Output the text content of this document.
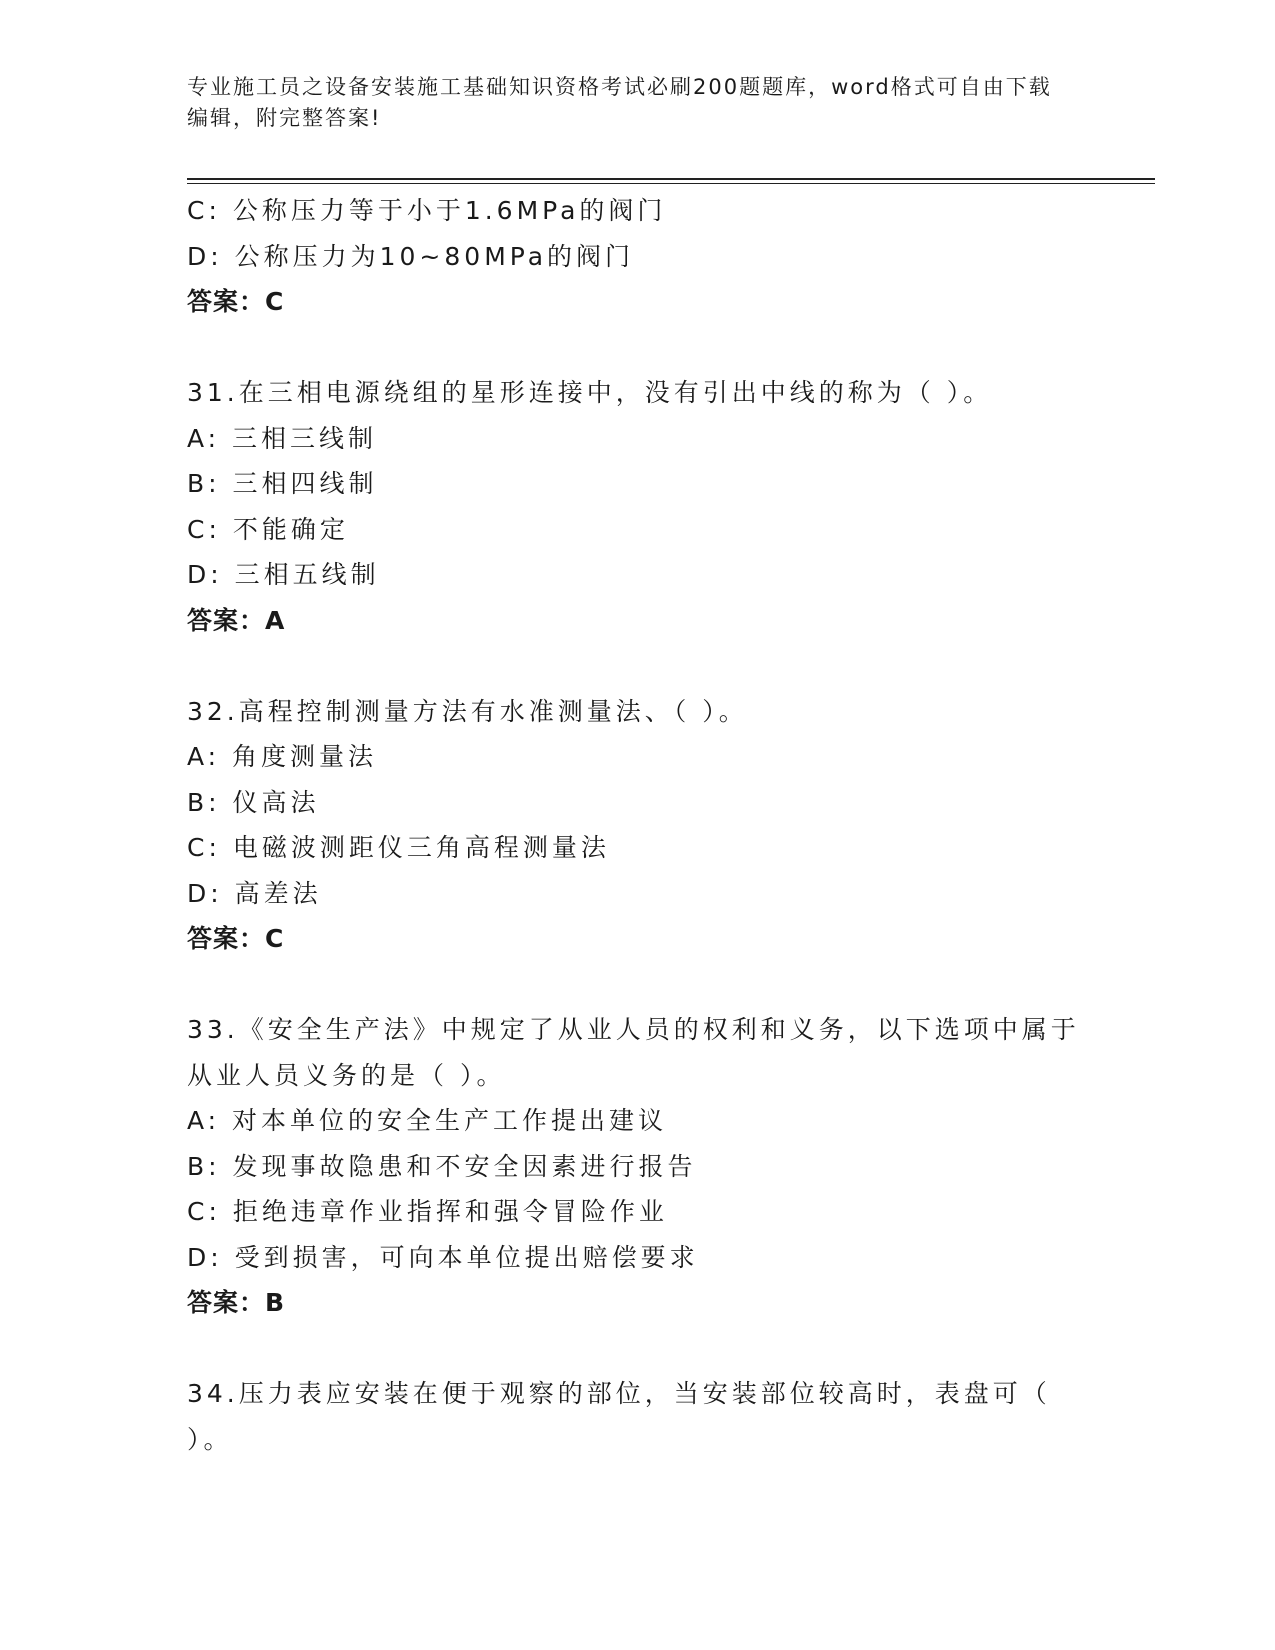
专业施工员之设备安装施工基础知识资格考试必刷200题题库，word格式可自由下载编辑，附完整答案!
C: 公称压力等于小于1.6MPa的阀门
D: 公称压力为10~80MPa的阀门
答案：C
31.在三相电源绕组的星形连接中，没有引出中线的称为（ ）。
A: 三相三线制
B: 三相四线制
C: 不能确定
D: 三相五线制
答案：A
32.高程控制测量方法有水准测量法、（ ）。
A: 角度测量法
B: 仪高法
C: 电磁波测距仪三角高程测量法
D: 高差法
答案：C
33.《安全生产法》中规定了从业人员的权利和义务，以下选项中属于从业人员义务的是（ ）。
A: 对本单位的安全生产工作提出建议
B: 发现事故隐患和不安全因素进行报告
C: 拒绝违章作业指挥和强令冒险作业
D: 受到损害，可向本单位提出赔偿要求
答案：B
34.压力表应安装在便于观察的部位，当安装部位较高时，表盘可（ ）。
